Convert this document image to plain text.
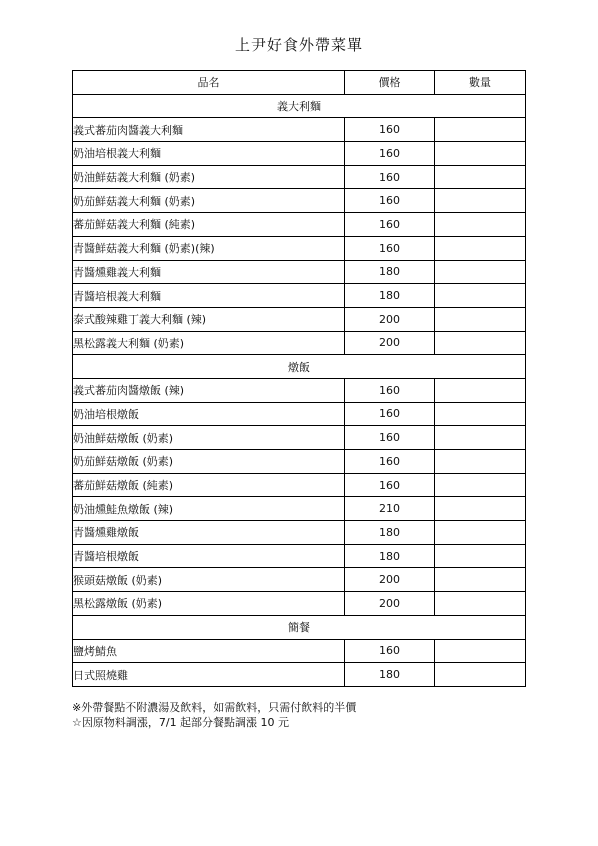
上尹好食外帶菜單
品名	價格	數量
義大利麵		
義式蕃茄肉醬義大利麵	160	
奶油培根義大利麵	160	
奶油鮮菇義大利麵 (奶素)	160	
奶茄鮮菇義大利麵 (奶素)	160	
蕃茄鮮菇義大利麵 (純素)	160	
青醬鮮菇義大利麵 (奶素)(辣)	160	
青醬燻雞義大利麵	180	
青醬培根義大利麵	180	
泰式酸辣雞丁義大利麵 (辣)	200	
黑松露義大利麵 (奶素)	200	
燉飯		
義式蕃茄肉醬燉飯 (辣)	160	
奶油培根燉飯	160	
奶油鮮菇燉飯 (奶素)	160	
奶茄鮮菇燉飯 (奶素)	160	
蕃茄鮮菇燉飯 (純素)	160	
奶油燻鮭魚燉飯 (辣)	210	
青醬燻雞燉飯	180	
青醬培根燉飯	180	
猴頭菇燉飯 (奶素)	200	
黑松露燉飯 (奶素)	200	
簡餐		
鹽烤鯖魚	160	
日式照燒雞	180	
※外帶餐點不附濃湯及飲料，如需飲料，只需付飲料的半價
☆因原物料調漲，7/1 起部分餐點調漲 10 元
